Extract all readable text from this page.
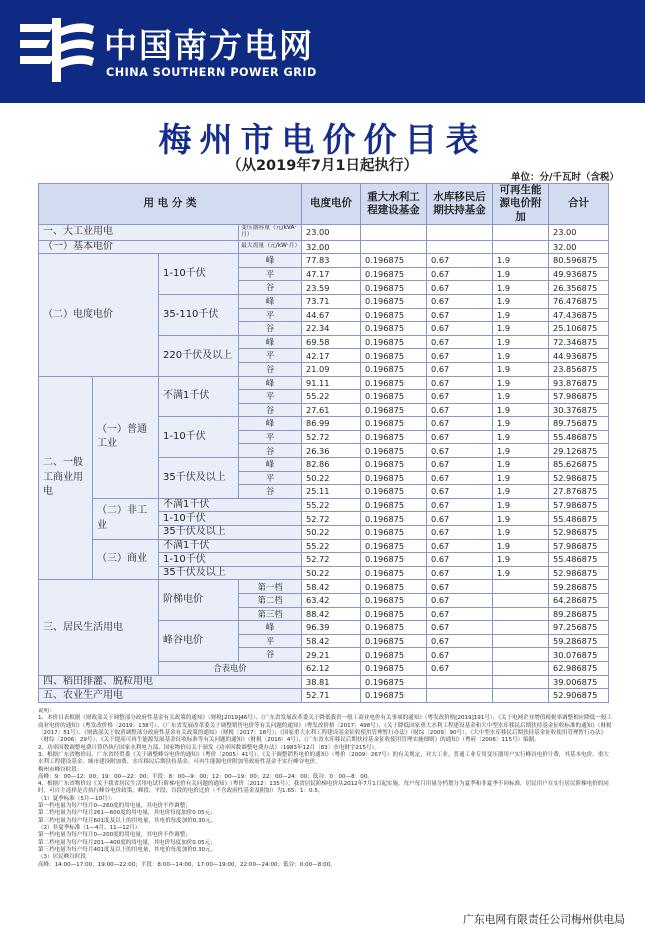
中国南方电网
CHINA SOUTHERN POWER GRID
梅州市电价价目表
（从2019年7月1日起执行）
单位：分/千瓦时（含税）
用 电 分 类				电度电价	重大水利工程建设基金	水库移民后期扶持基金	可再生能源电价附加	合计
一、大工业用电			变压器容量（元/kVA·月）	23.00				23.00
（一）基本电价			最大需量（元/kW·月）	32.00				32.00
（二）电度电价		1-10千伏	峰	77.83	0.196875	0.67	1.9	80.596875
			平	47.17	0.196875	0.67	1.9	49.936875
			谷	23.59	0.196875	0.67	1.9	26.356875
		35-110千伏	峰	73.71	0.196875	0.67	1.9	76.476875
			平	44.67	0.196875	0.67	1.9	47.436875
			谷	22.34	0.196875	0.67	1.9	25.106875
		220千伏及以上	峰	69.58	0.196875	0.67	1.9	72.346875
			平	42.17	0.196875	0.67	1.9	44.936875
			谷	21.09	0.196875	0.67	1.9	23.856875
二、一般工商业用电	（一）普通工业	不满1千伏	峰	91.11	0.196875	0.67	1.9	93.876875
			平	55.22	0.196875	0.67	1.9	57.986875
			谷	27.61	0.196875	0.67	1.9	30.376875
		1-10千伏	峰	86.99	0.196875	0.67	1.9	89.756875
			平	52.72	0.196875	0.67	1.9	55.486875
			谷	26.36	0.196875	0.67	1.9	29.126875
		35千伏及以上	峰	82.86	0.196875	0.67	1.9	85.626875
			平	50.22	0.196875	0.67	1.9	52.986875
			谷	25.11	0.196875	0.67	1.9	27.876875
	（二）非工业	不满1千伏		55.22	0.196875	0.67	1.9	57.986875
		1-10千伏		52.72	0.196875	0.67	1.9	55.486875
		35千伏及以上		50.22	0.196875	0.67	1.9	52.986875
	（三）商业	不满1千伏		55.22	0.196875	0.67	1.9	57.986875
		1-10千伏		52.72	0.196875	0.67	1.9	55.486875
		35千伏及以上		50.22	0.196875	0.67	1.9	52.986875
三、居民生活用电		阶梯电价	第一档	58.42	0.196875	0.67		59.286875
			第二档	63.42	0.196875	0.67		64.286875
			第三档	88.42	0.196875	0.67		89.286875
		峰谷电价	峰	96.39	0.196875	0.67		97.256875
			平	58.42	0.196875	0.67		59.286875
			谷	29.21	0.196875	0.67		30.076875
		合表电价		62.12	0.196875	0.67		62.986875
四、稻田排灌、脱粒用电				38.81	0.196875			39.006875
五、农业生产用电				52.71	0.196875			52.906875

说明：

1、本价目表根据《财政部关于调整部分政府性基金有关政策的通知》（财税[2019]46号）、《广东省发展改革委关于降低我省一般工商业电价有关事项的通知》（粤发改价格[2019]191号）、《关于电网企业增值税税率调整相应降低一般工商业电价的通知》（粤发改价格〔2019〕138号）、《广东省发展改革委关于调整销售电价等有关问题的通知》（粤发改价格〔2017〕498号）、《关于降低国家重大水利工程建设基金和大中型水库移民后期扶持基金征收标准的通知》（财税〔2017〕51号）、《财政部关于取消调整部分政府性基金有关政策的通知》（财税〔2017〕18号）、《国家重大水利工程建设基金征收使用管理暂行办法》（财综〔2009〕90号）、《大中型水库移民后期扶持基金征收使用管理暂行办法》（财综〔2006〕29号）、《关于提高可再生能源发展基金征收标准等有关问题的通知》（财税〔2016〕4号）、《广东省水库移民后期扶持基金征收使用管理实施细则》的通知》（粤府〔2006〕115号）编制。

2、功率因数调整电费计算仍执行国家水利电力部、国家物价局关于颁发《功率因数调整电费办法》（1983年12月〔83〕水电财字215号）。

3、根据广东省物价局、广东省经贸委《关于调整峰谷电价的通知》（粤价〔2005〕41号）、《关于调整销售电价的通知》（粤价〔2009〕267号）的有关规定，对大工业，普通工业专用变压器用户实行峰谷电价计费，其基本电价、重大水利工程建设基金、城市建设附加费、水库移民后期扶持基金、可再生能源电价附加等政府性基金不实行峰谷电价。

梅州市峰谷时段：

高峰：9：00—12：00；19：00—22：00；平段：8：00—9：00；12：00—19：00；22：00—24：00；低谷：0：00—8：00。

4、根据广东省物价局《关于我省居民生活用电试行阶梯电价有关问题的通知》（粤价〔2012〕135号），我省居民阶梯电价从2012年7月1日起实施。每户每月用量分档划分为夏季和非夏季不同标准，居民用户在实行居民阶梯电价的同时，可自主选择是否执行峰谷电价政策，峰段、平段、谷段的电价比价（不含政府性基金及附加）为1.65：1：0.5。

（1）夏季标准（5月—10月）：

第一档电量为每户每月0—260度的用电量，其电价不作调整；

第二档电量为每户每月261—600度的用电量，其电价每度加价0.05元；

第三档电量为每户每月601度及以上的用电量，其电价每度加价0.30元。

（2）非夏季标准（1—4月、11—12月）：

第一档电量为每户每月0—200度的用电量，其电价不作调整；

第二档电量为每户每月201—400度的用电量，其电价每度加价0.05元；

第三档电量为每户每月401度及以上的用电量，其电价每度加价0.30元。

（3）居民峰谷时段

高峰：14:00—17:00，19:00—22:00；平段：8:00—14:00，17:00—19:00，22:00—24:00；低谷：0:00—8:00。

广东电网有限责任公司梅州供电局
